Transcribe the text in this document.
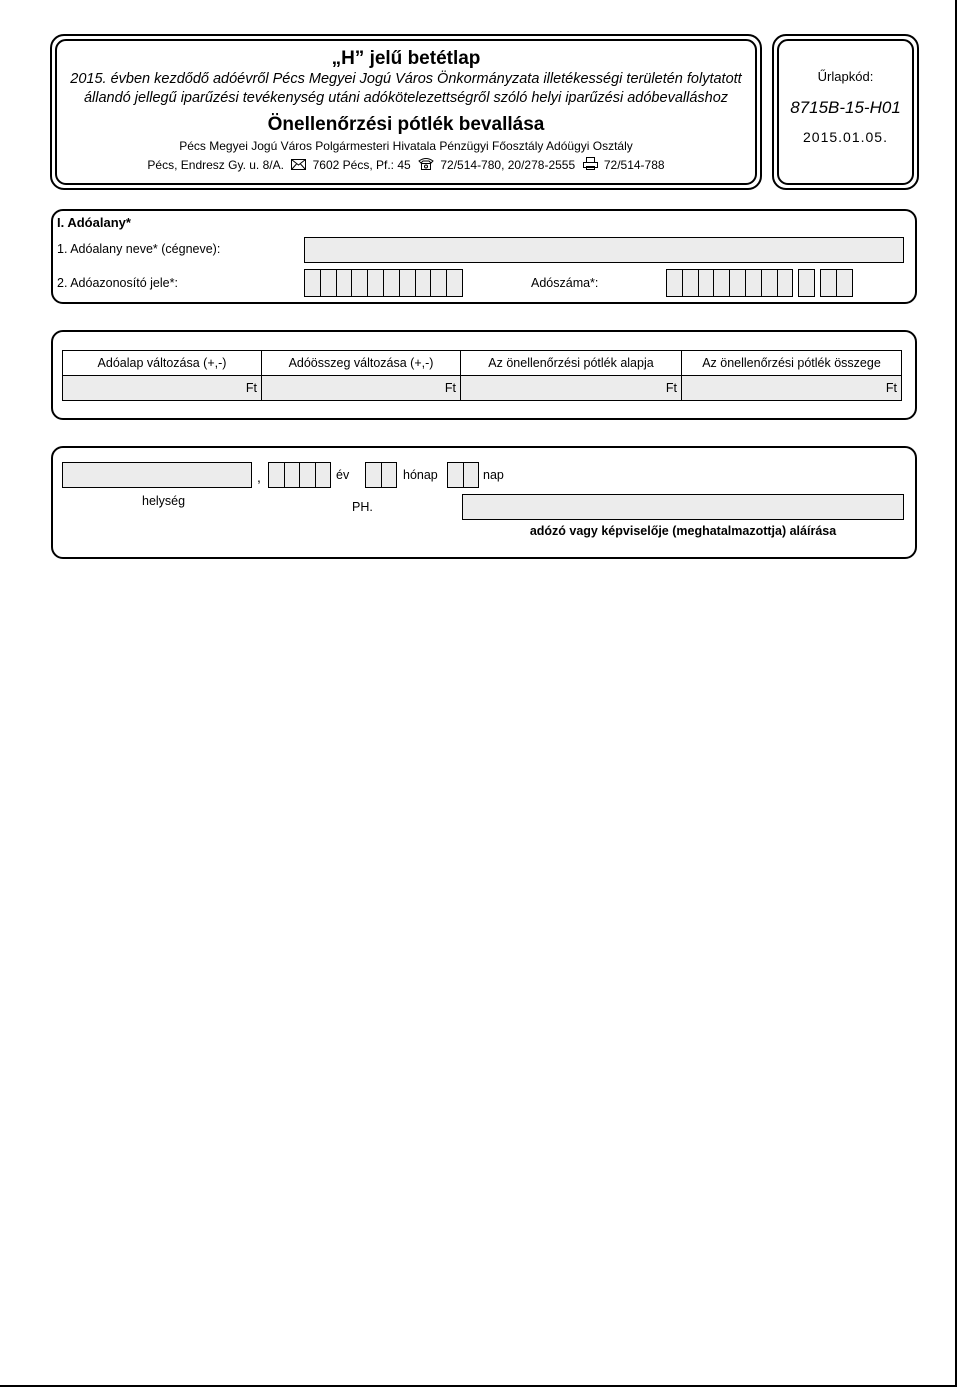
„H” jelű betétlap
2015. évben kezdődő adóévről Pécs Megyei Jogú Város Önkormányzata illetékességi területén folytatott
állandó jellegű iparűzési tevékenység utáni adókötelezettségről szóló helyi iparűzési adóbevalláshoz
Önellenőrzési pótlék bevallása
Pécs Megyei Jogú Város Polgármesteri Hivatala Pénzügyi Főosztály Adóügyi Osztály
Pécs, Endresz Gy. u. 8/A. 7602 Pécs, Pf.: 45 72/514-780, 20/278-2555 72/514-788
Űrlapkód:
8715B-15-H01
2015.01.05.
I. Adóalany*
1. Adóalany neve* (cégneve):
2. Adóazonosító jele*:	Adószáma*:
Adóalap változása (+,-)	Adóösszeg változása (+,-)	Az önellenőrzési pótlék alapja	Az önellenőrzési pótlék összege
Ft	Ft	Ft	Ft
,	év	hónap	nap
helység	PH.
adózó vagy képviselője (meghatalmazottja) aláírása
